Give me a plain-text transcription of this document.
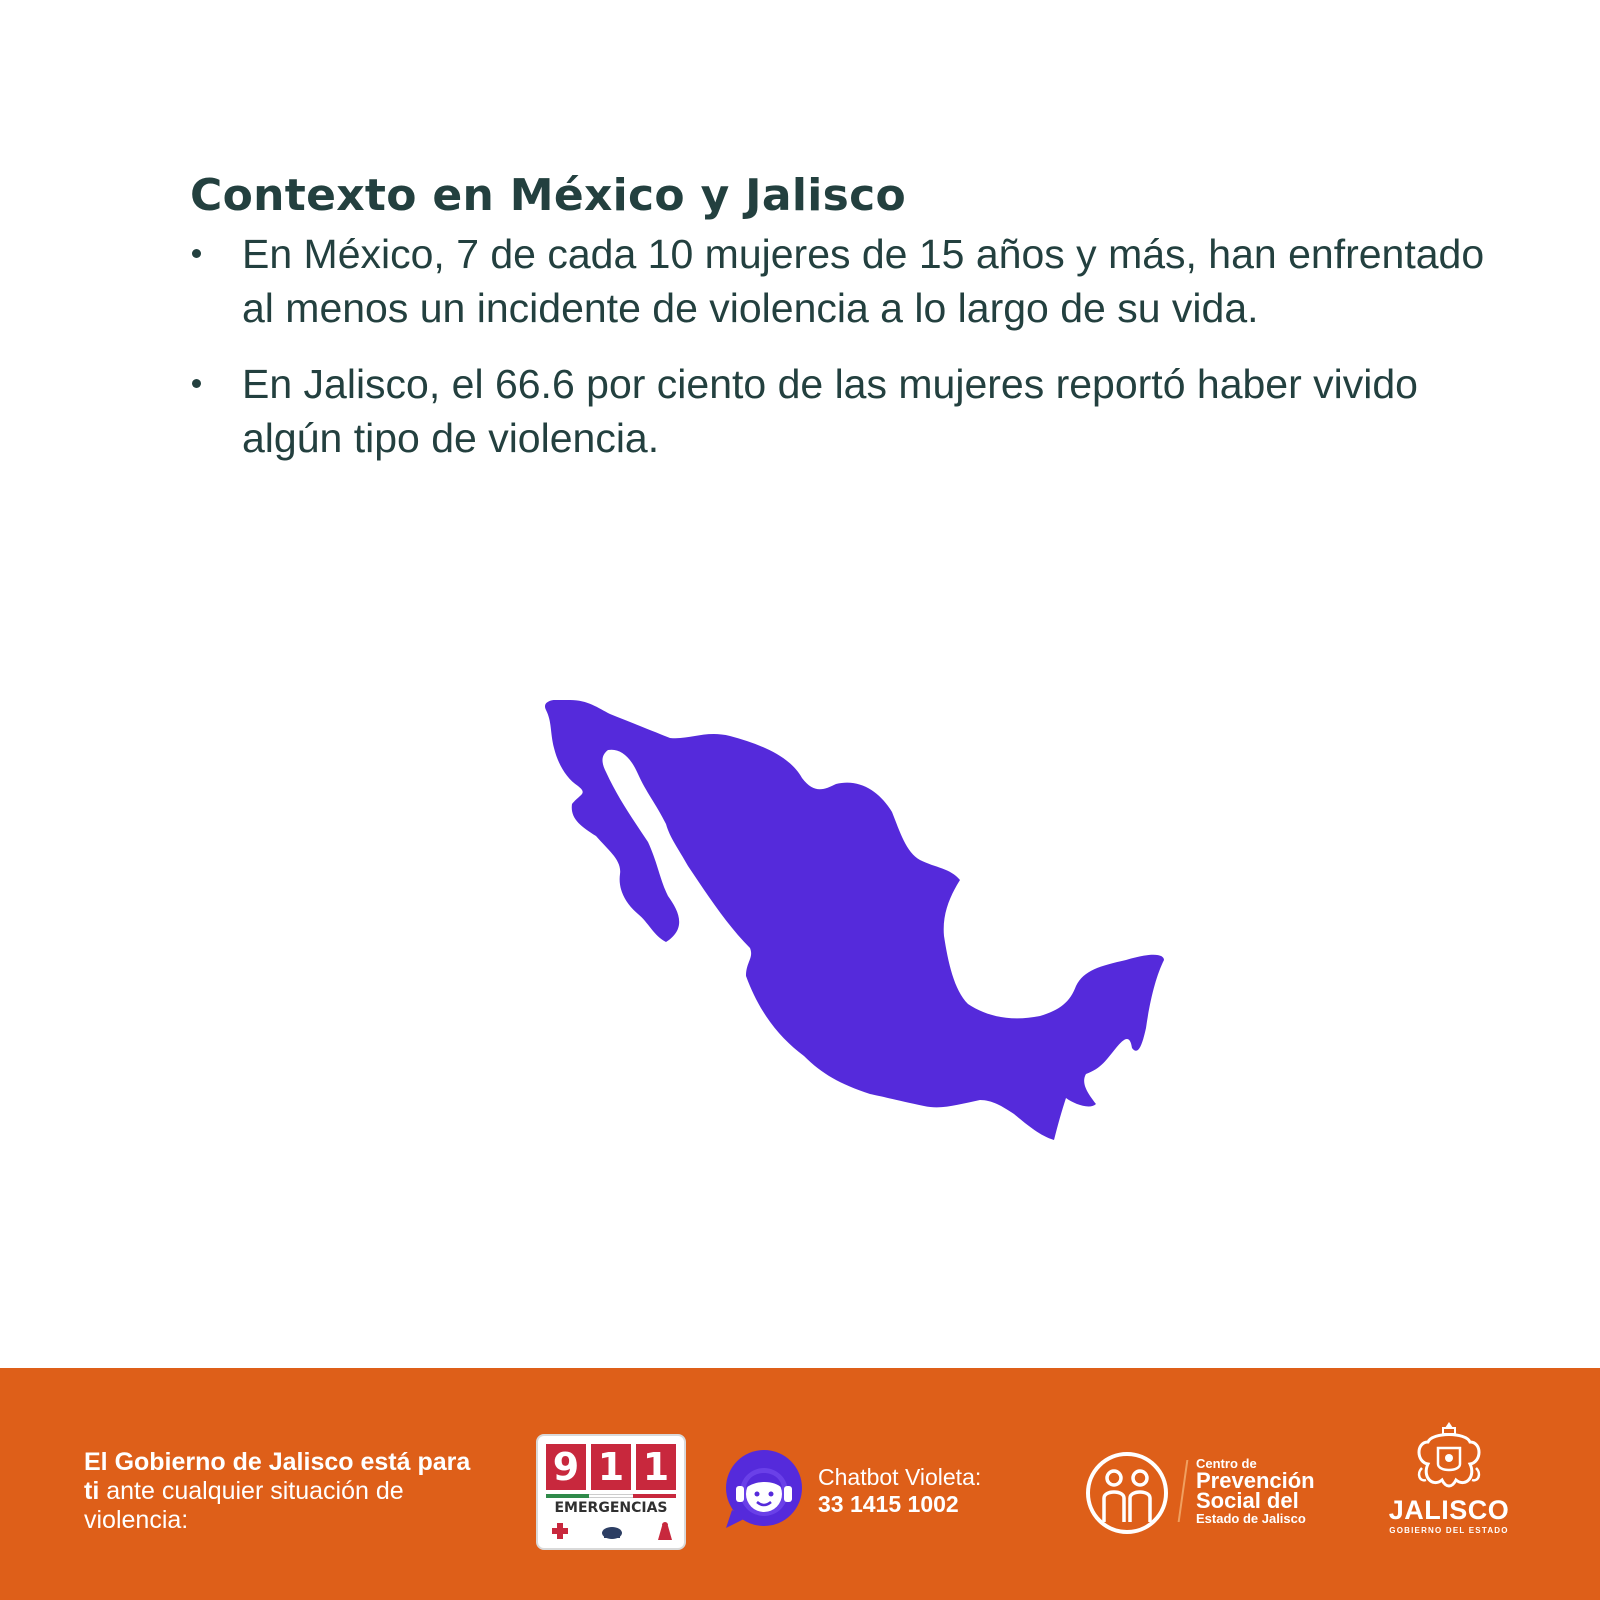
Contexto en México y Jalisco
En México, 7 de cada 10 mujeres de 15 años y más, han enfrentado al menos un incidente de violencia a lo largo de su vida.
En Jalisco, el 66.6 por ciento de las mujeres reportó haber vivido algún tipo de violencia.
El Gobierno de Jalisco está para ti ante cualquier situación de violencia:
9 1 1
EMERGENCIAS
Chatbot Violeta:
33 1415 1002
Centro de
Prevención
Social del
Estado de Jalisco	JALISCO
GOBIERNO DEL ESTADO
